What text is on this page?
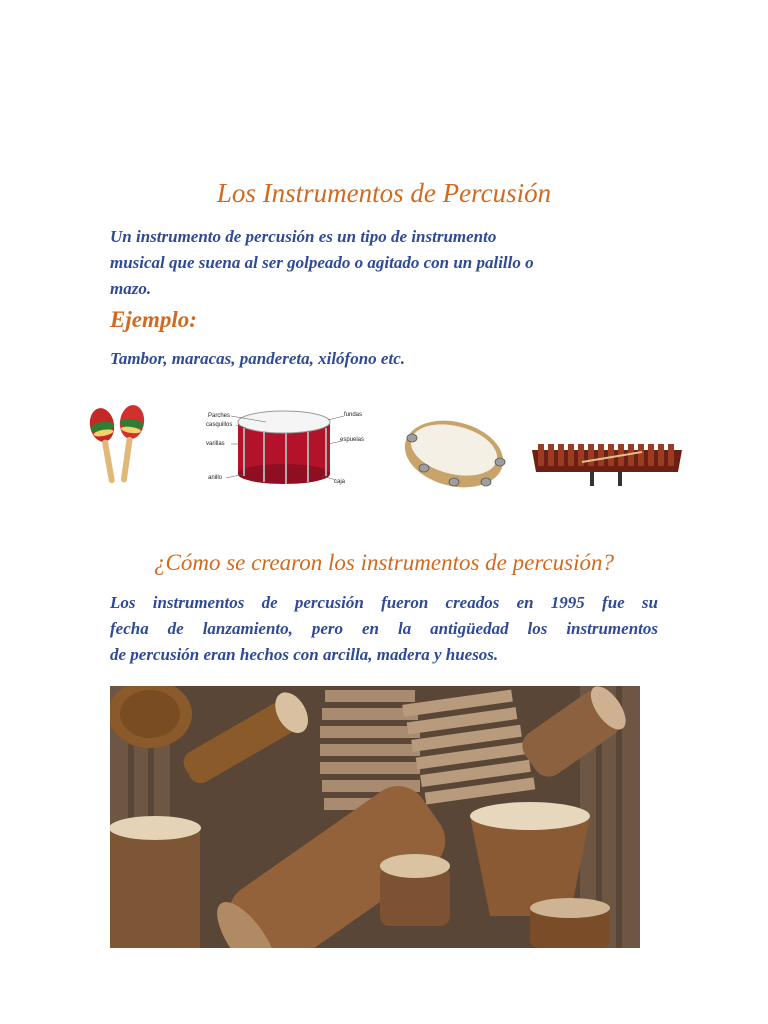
Los Instrumentos de Percusión
Un instrumento de percusión es un tipo de instrumento
musical que suena al ser golpeado o agitado con un palillo o
mazo.
Ejemplo:
Tambor, maracas, pandereta, xilófono etc.
Parches	fundas
casquillos
varillas
espuelas
anillo
caja
¿Cómo se crearon los instrumentos de percusión?
Los instrumentos de percusión fueron creados en 1995 fue su
fecha de lanzamiento, pero en la antigüedad los instrumentos
de percusión eran hechos con arcilla, madera y huesos.
